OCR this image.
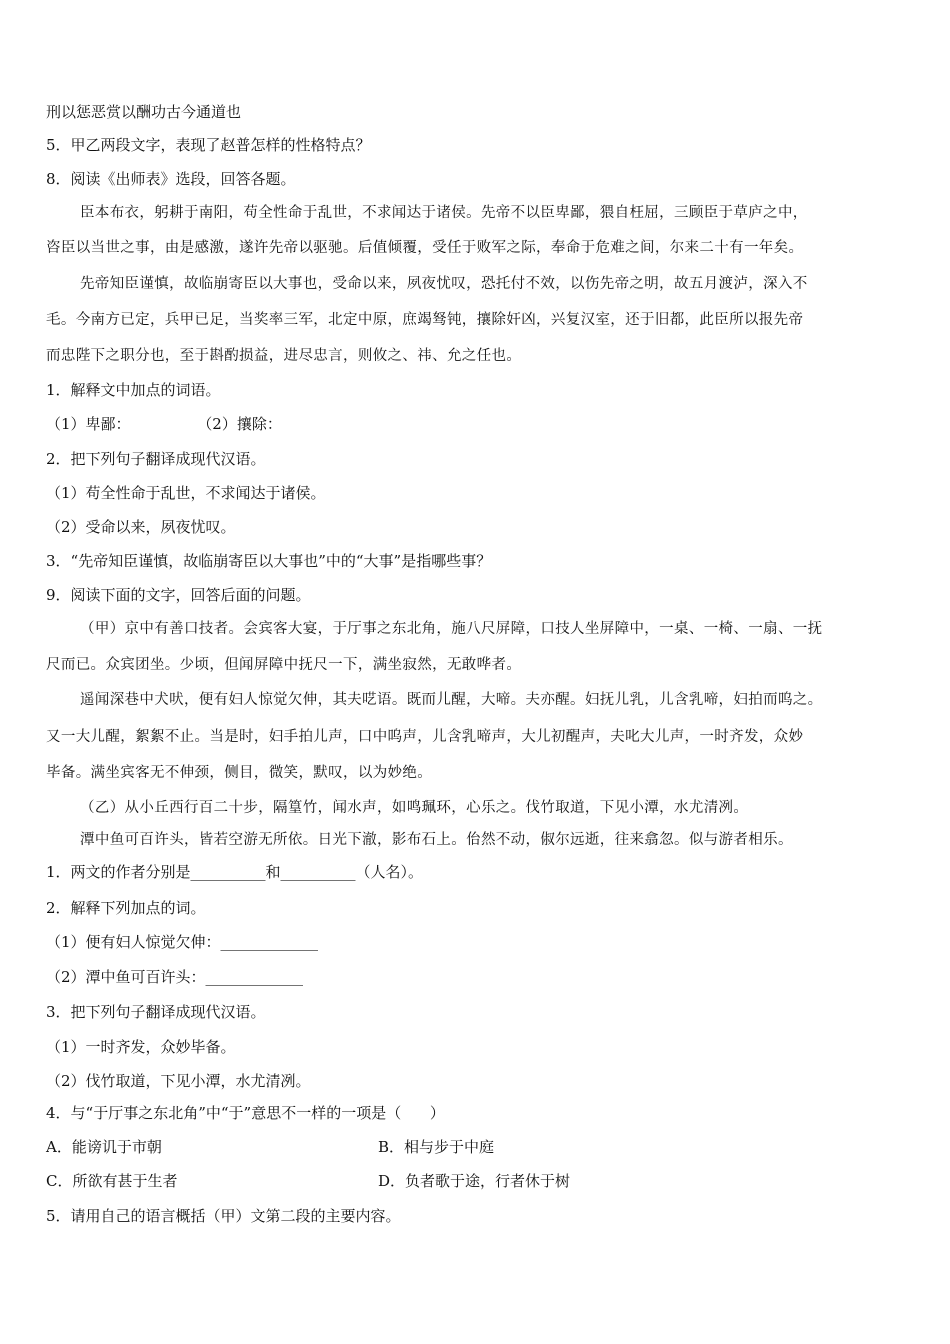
刑以惩恶赏以酬功古今通道也
5．甲乙两段文字，表现了赵普怎样的性格特点？
8．阅读《出师表》选段，回答各题。
臣本布衣，躬耕于南阳，苟全性命于乱世，不求闻达于诸侯。先帝不以臣卑鄙，猥自枉屈，三顾臣于草庐之中，
咨臣以当世之事，由是感激，遂许先帝以驱驰。后值倾覆，受任于败军之际，奉命于危难之间，尔来二十有一年矣。
先帝知臣谨慎，故临崩寄臣以大事也，受命以来，夙夜忧叹，恐托付不效，以伤先帝之明，故五月渡泸，深入不
毛。今南方已定，兵甲已足，当奖率三军，北定中原，庶竭驽钝，攘除奸凶，兴复汉室，还于旧都，此臣所以报先帝
而忠陛下之职分也，至于斟酌损益，进尽忠言，则攸之、祎、允之任也。
1．解释文中加点的词语。
（1）卑鄙：              （2）攘除：
2．把下列句子翻译成现代汉语。
（1）苟全性命于乱世，不求闻达于诸侯。
（2）受命以来，夙夜忧叹。
3．“先帝知臣谨慎，故临崩寄臣以大事也”中的“大事”是指哪些事？
9．阅读下面的文字，回答后面的问题。
（甲）京中有善口技者。会宾客大宴，于厅事之东北角，施八尺屏障，口技人坐屏障中，一桌、一椅、一扇、一抚
尺而已。众宾团坐。少顷，但闻屏障中抚尺一下，满坐寂然，无敢哗者。
遥闻深巷中犬吠，便有妇人惊觉欠伸，其夫呓语。既而儿醒，大啼。夫亦醒。妇抚儿乳，儿含乳啼，妇拍而呜之。
又一大儿醒，絮絮不止。当是时，妇手拍儿声，口中呜声，儿含乳啼声，大儿初醒声，夫叱大儿声，一时齐发，众妙
毕备。满坐宾客无不伸颈，侧目，微笑，默叹，以为妙绝。
（乙）从小丘西行百二十步，隔篁竹，闻水声，如鸣珮环，心乐之。伐竹取道，下见小潭，水尤清冽。
潭中鱼可百许头，皆若空游无所依。日光下澈，影布石上。佁然不动，俶尔远逝，往来翕忽。似与游者相乐。
1．两文的作者分别是__________和__________（人名）。
2．解释下列加点的词。
（1）便有妇人惊觉欠伸：_____________
（2）潭中鱼可百许头：_____________
3．把下列句子翻译成现代汉语。
（1）一时齐发，众妙毕备。
（2）伐竹取道，下见小潭，水尤清冽。
4．与“于厅事之东北角”中“于”意思不一样的一项是（      ）
A．能谤讥于市朝	B．相与步于中庭
C．所欲有甚于生者	D．负者歌于途，行者休于树
5．请用自己的语言概括（甲）文第二段的主要内容。
